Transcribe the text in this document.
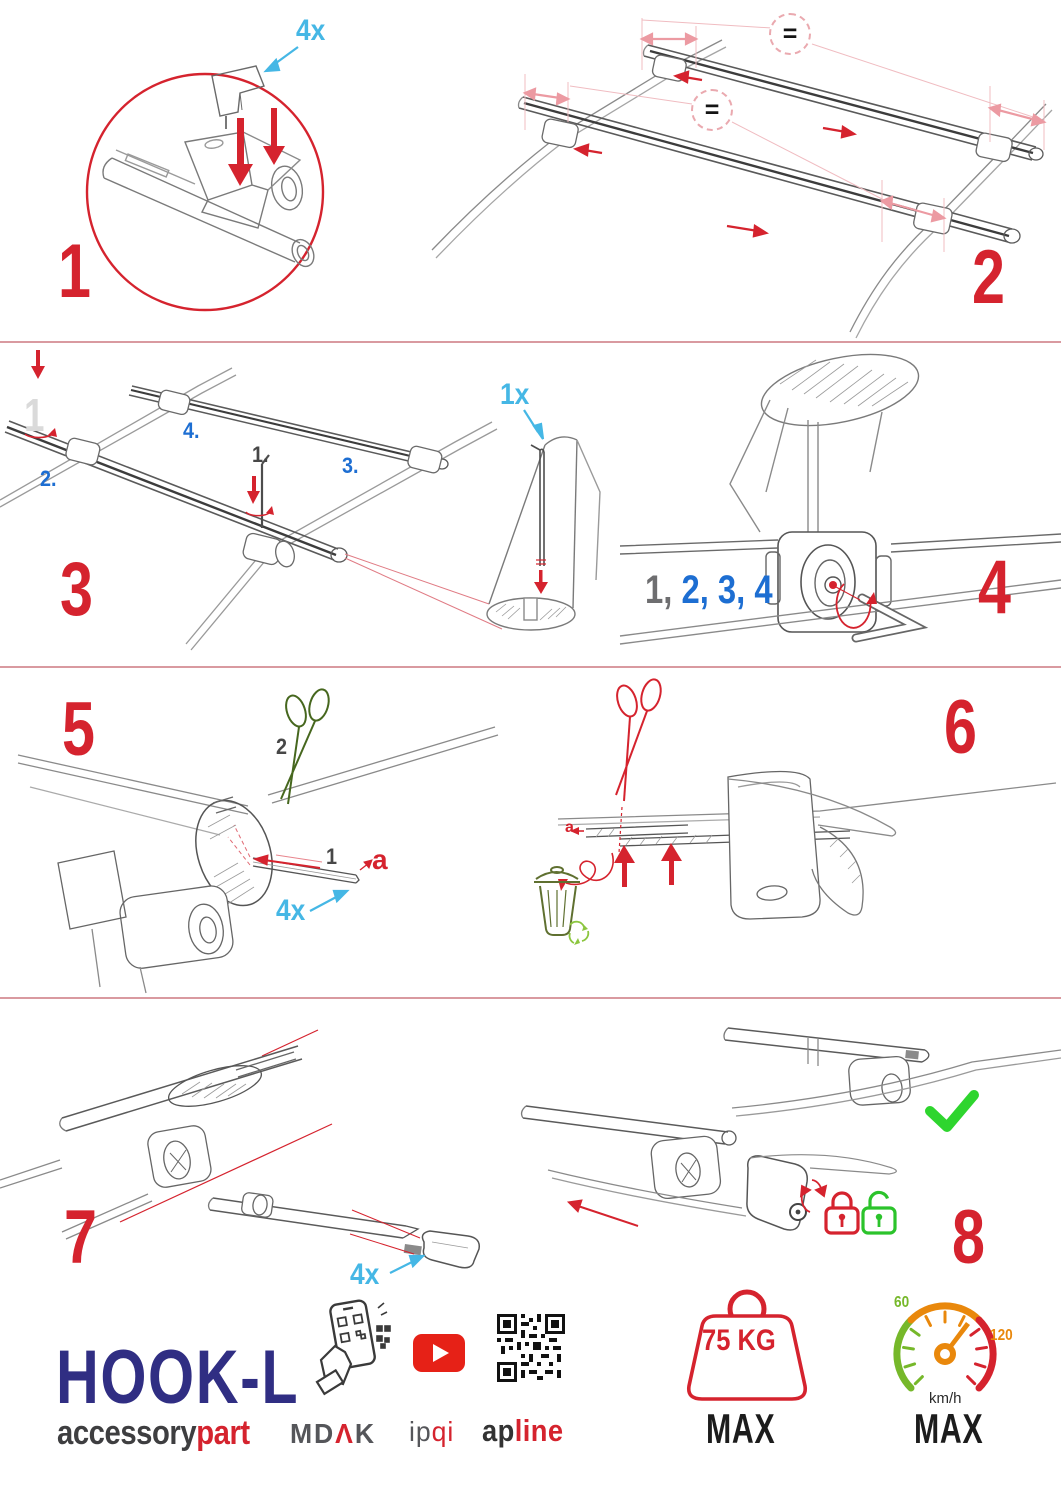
4x
1
=
=
2
1
1.
2.
3.
4.
1x
3	1, 2, 3, 4	4
2
1 a
4x
5
a
6
4x
7	8
HOOK-L
accessorypart MDΛK ipqi apline
75 KG
MAX
60
120
km/h
MAX
